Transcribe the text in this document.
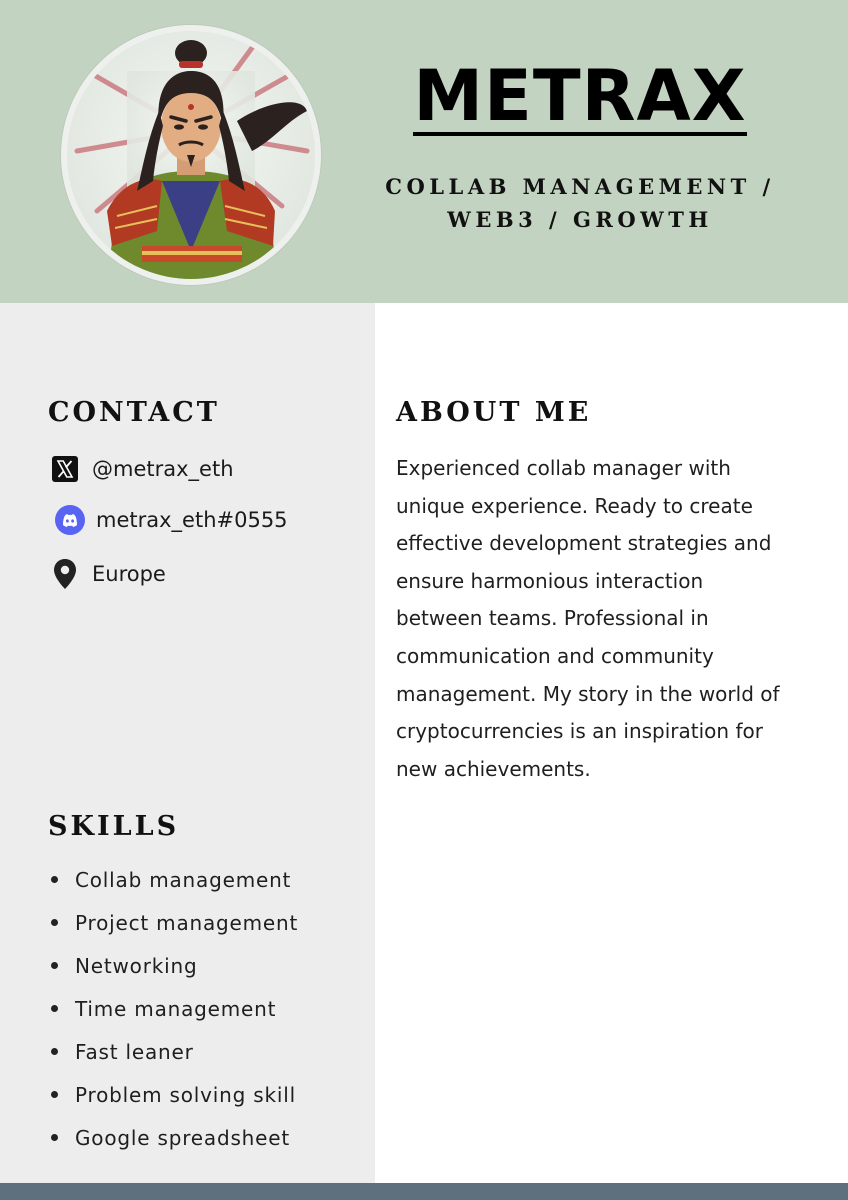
METRAX
COLLAB MANAGEMENT /
WEB3 / GROWTH
CONTACT
@metrax_eth
metrax_eth#0555
Europe
ABOUT ME
Experienced collab manager with
unique experience. Ready to create
effective development strategies and
ensure harmonious interaction
between teams. Professional in
communication and community
management. My story in the world of
cryptocurrencies is an inspiration for
new achievements.
SKILLS
Collab management
Project management
Networking
Time management
Fast leaner
Problem solving skill
Google spreadsheet
